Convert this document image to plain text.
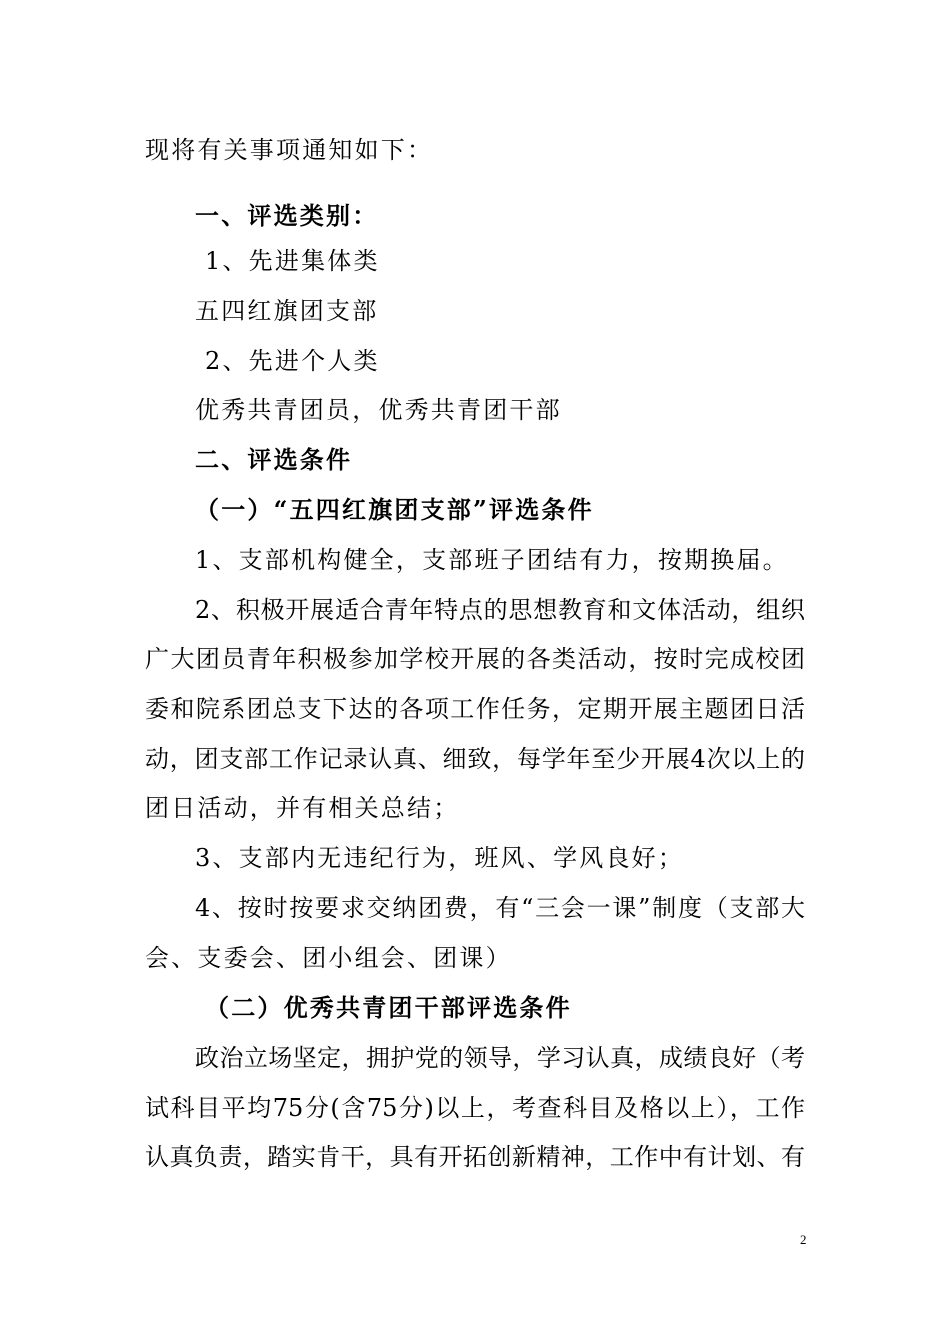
现将有关事项通知如下：
一、评选类别：
1、先进集体类
五四红旗团支部
2、先进个人类
优秀共青团员，优秀共青团干部
二、评选条件
（一）“五四红旗团支部”评选条件
1、支部机构健全，支部班子团结有力，按期换届。
2、积极开展适合青年特点的思想教育和文体活动，组织
广大团员青年积极参加学校开展的各类活动，按时完成校团
委和院系团总支下达的各项工作任务，定期开展主题团日活
动，团支部工作记录认真、细致，每学年至少开展4次以上的
团日活动，并有相关总结；
3、支部内无违纪行为，班风、学风良好；
4、按时按要求交纳团费，有“三会一课”制度（支部大
会、支委会、团小组会、团课）
（二）优秀共青团干部评选条件
政治立场坚定，拥护党的领导，学习认真，成绩良好（考
试科目平均75分(含75分)以上，考查科目及格以上），工作
认真负责，踏实肯干，具有开拓创新精神，工作中有计划、有
2
